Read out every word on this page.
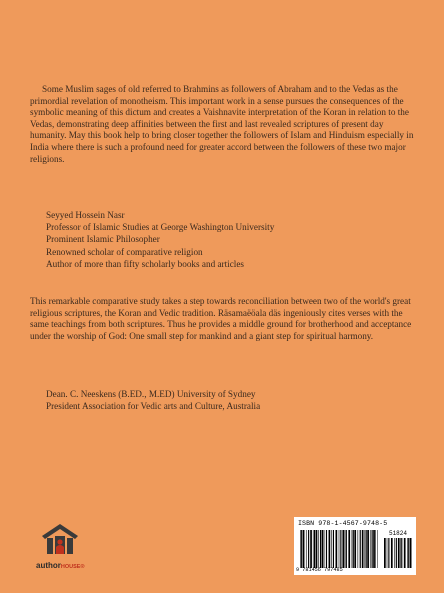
Some Muslim sages of old referred to Brahmins as followers of Abraham and to the Vedas as the primordial revelation of monotheism. This important work in a sense pursues the consequences of the symbolic meaning of this dictum and creates a Vaishnavite interpretation of the Koran in relation to the Vedas, demonstrating deep affinities between the first and last revealed scriptures of present day humanity. May this book help to bring closer together the followers of Islam and Hinduism especially in India where there is such a profound need for greater accord between the followers of these two major religions.

Seyyed Hossein Nasr
Professor of Islamic Studies at George Washington University
Prominent Islamic Philosopher
Renowned scholar of comparative religion
Author of more than fifty scholarly books and articles

This remarkable comparative study takes a step towards reconciliation between two of the world's great religious scriptures, the Koran and Vedic tradition. Räsamaëöala däs ingeniously cites verses with the same teachings from both scriptures. Thus he provides a middle ground for brotherhood and acceptance under the worship of God: One small step for mankind and a giant step for spiritual harmony.

Dean. C. Neeskens (B.ED., M.ED) University of Sydney
President Association for Vedic arts and Culture, Australia
authorHOUSE®
ISBN 978-1-4567-9748-5
51824
9 781456 797485
